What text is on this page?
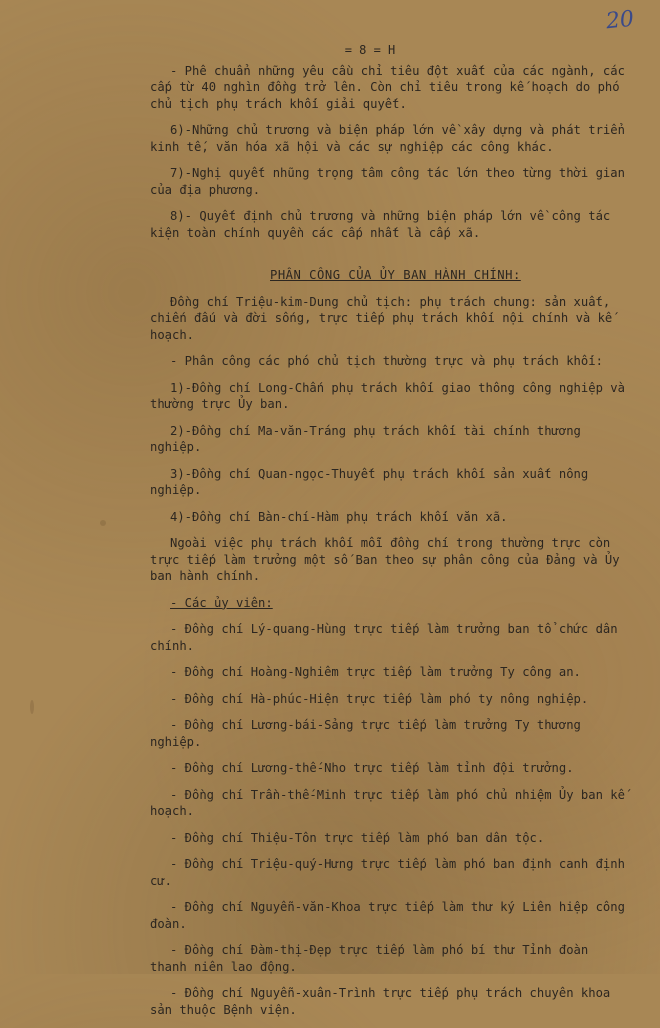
20
= 8 = H

- Phê chuẩn những yêu cầu chỉ tiêu đột xuất của các ngành, các cấp từ 40 nghìn đồng trở lên. Còn chỉ tiêu trong kế hoạch do phó chủ tịch phụ trách khối giải quyết.

6)-Những chủ trương và biện pháp lớn về xây dựng và phát triển kinh tế, văn hóa xã hội và các sự nghiệp các công khác.

7)-Nghị quyết nhũng trọng tâm công tác lớn theo từng thời gian của địa phương.

8)- Quyết định chủ trương và những biện pháp lớn về công tác kiện toàn chính quyền các cấp nhất là cấp xã.

PHÂN CÔNG CỦA ỦY BAN HÀNH CHÍNH:

Đồng chí Triệu-kim-Dung chủ tịch: phụ trách chung: sản xuất, chiến đấu và đời sống, trực tiếp phụ trách khối nội chính và kế hoạch.

- Phân công các phó chủ tịch thường trực và phụ trách khối:

1)-Đồng chí Long-Chấn phụ trách khối giao thông công nghiệp và thường trực Ủy ban.

2)-Đồng chí Ma-văn-Tráng phụ trách khối tài chính thương nghiệp.

3)-Đồng chí Quan-ngọc-Thuyết phụ trách khối sản xuất nông nghiệp.

4)-Đồng chí Bàn-chí-Hàm phụ trách khối văn xã.

Ngoài việc phụ trách khối mỗi đồng chí trong thường trực còn trực tiếp làm trưởng một số Ban theo sự phân công của Đảng và Ủy ban hành chính.

- Các ủy viên:

- Đồng chí Lý-quang-Hùng trực tiếp làm trưởng ban tổ chức dân chính.

- Đồng chí Hoàng-Nghiêm trực tiếp làm trưởng Ty công an.

- Đồng chí Hà-phúc-Hiện trực tiếp làm phó ty nông nghiệp.

- Đồng chí Lương-bái-Sảng trực tiếp làm trưởng Ty thương nghiệp.

- Đồng chí Lương-thế-Nho trực tiếp làm tỉnh đội trưởng.

- Đồng chí Trần-thế-Minh trực tiếp làm phó chủ nhiệm Ủy ban kế hoạch.

- Đồng chí Thiệu-Tôn trực tiếp làm phó ban dân tộc.

- Đồng chí Triệu-quý-Hưng trực tiếp làm phó ban định canh định cư.

- Đồng chí Nguyễn-văn-Khoa trực tiếp làm thư ký Liên hiệp công đoàn.

- Đồng chí Đàm-thị-Đẹp trực tiếp làm phó bí thư Tỉnh đoàn thanh niên lao động.

- Đồng chí Nguyễn-xuân-Trình trực tiếp phụ trách chuyên khoa sản thuộc Bệnh viện.
